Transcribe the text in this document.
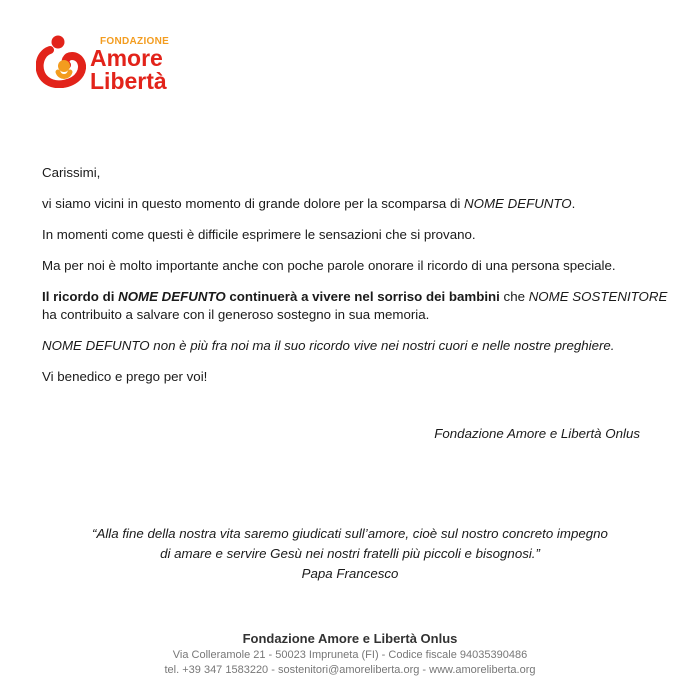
FONDAZIONE
Amore
Libertà

Carissimi,

vi siamo vicini in questo momento di grande dolore per la scomparsa di NOME DEFUNTO.

In momenti come questi è difficile esprimere le sensazioni che si provano.

Ma per noi è molto importante anche con poche parole onorare il ricordo di una persona speciale.

Il ricordo di NOME DEFUNTO continuerà a vivere nel sorriso dei bambini che NOME SOSTENITORE
ha contribuito a salvare con il generoso sostegno in sua memoria.

NOME DEFUNTO non è più fra noi ma il suo ricordo vive nei nostri cuori e nelle nostre preghiere.

Vi benedico e prego per voi!

Fondazione Amore e Libertà Onlus
“Alla fine della nostra vita saremo giudicati sull’amore, cioè sul nostro concreto impegno
di amare e servire Gesù nei nostri fratelli più piccoli e bisognosi.”
Papa Francesco
Fondazione Amore e Libertà Onlus
Via Colleramole 21 - 50023 Impruneta (FI) - Codice fiscale 94035390486
tel. +39 347 1583220 - sostenitori@amoreliberta.org - www.amoreliberta.org
